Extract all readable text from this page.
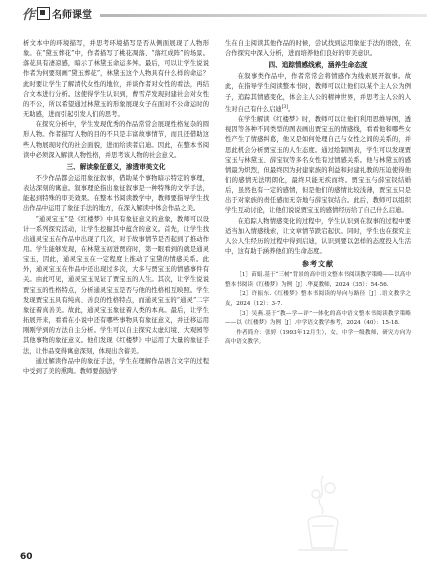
作 名师课堂

析文本中的环境描写，并思考环境描写是否从侧面展现了人物形象。在“黛玉葬花”中，作者描写了桃花凋落、“落红成阵”的场景。落花具有凄凉感，暗示了林黛玉命运多舛。最后，可以让学生说说作者为何要刻画“黛玉葬花”，林黛玉这个人物具有什么样的命运？此时要让学生了解清代女性的地位，并谈作者对女性的看法，再结合文本进行分析。这使得学生认识到，曹雪芹发现封建社会对女性的不公，所以希望通过林黛玉的形象展现女子在面对不公命运时的无助感，进而引起引发人们的思考。

在探究分析中，学生发现优秀的作品常常会展现性格复杂的圆形人物。作者描写人物的目的不只是丰富故事情节，而且还借助这些人物展现时代的社会面貌，进而给读者启迪。因此，在整本书阅读中必须深入解读人物性格，并思考该人物的社会意义。

三、解读象征意义，渗透审美文化

不少作品都会运用象征叙事，借助某个事物暗示特定的事理，表达深刻的寓意。叙事理论指出象征叙事是一种特殊的文学手法，能起到特殊的审美效果。在整本书阅读教学中，教师要指导学生找出作品中运用了象征手法的地方，在深入解读中体会作品之美。

“通灵宝玉”是《红楼梦》中具有象征意义的意象，教师可以设计一系列探究活动，让学生挖掘其中蕴含的意义。首先，让学生找出通灵宝玉在作品中出现了几次，对于故事情节是否起到了推动作用。学生能够发现，在林黛玉初进贾府时，第一眼看到的就是通灵宝玉，因此，通灵宝玉在一定程度上推动了宝黛的情感关系。此外，通灵宝玉在作品中还出现过多次，大多与贾宝玉的情感事件有关。由此可见，通灵宝玉见证了贾宝玉的人生。其次，让学生说说贾宝玉的性格特点，分析通灵宝玉是否与他的性格相互映照。学生发现贾宝玉具有纯真、善良的性格特点，而通灵宝玉的“通灵”二字象征着真善美。故此，通灵宝玉象征着人类的本真。最后，让学生拓展开来，看看在小说中还有哪些事物具有象征意义，并迁移运用刚刚学到的方法自主分析。学生可以自主探究太虚幻境、大观园等其他事物的象征意义。他们发现《红楼梦》中运用了大量的象征手法，让作品变得寓意深刻，体现出含蓄美。

通过解读作品中的象征手法，学生在理解作品语言文字的过程中受到了美的熏陶。教师要鼓励学

生在自主阅读其他作品的时候，尝试找到运用象征手法的语段，在合作探究中深入分析，进而培养他们良好的审美意识。

四、追踪情感线索，涵养生命态度

在叙事类作品中，作者常常会将情感作为线索展开叙事。故此，在指导学生阅读整本书时，教师可以让他们以某个主人公为例子，追踪其情感变化，体会主人公的精神世界，并思考主人公的人生对自己有什么启迪[3]。

在学生解读《红楼梦》时，教师可以让他们利用思维导图，透视因等各种不同类型的图表画出贾宝玉的情感线，看看他和哪些女性产生了情感纠葛，他又是如何处理自己与女性之间的关系的，并思此机会分析贾宝玉的人生态度。通过绘制图表，学生可以发现贾宝玉与林黛玉、薛宝钗等多名女性有过情感关系。他与林黛玉的感情最为炽烈，但最终因为封建家族的利益和封建礼教的压迫使得他们的感情无法明朗化，最终只能无疾而终。贾宝玉与薛宝钗结婚后，虽然也有一定的感情，但是他们的感情比较浅薄，贾宝玉只是出于对家族的责任感而无奈地与薛宝钗结合。此后，教师可以组织学生互动讨论，让他们说说贾宝玉的感情经历给了自己什么启迪。

在追踪人物情感变化的过程中，学生认识到在叙事的过程中要适当加入情感线索，让文章情节跌宕起伏。同时，学生也在探究主人公人生经历的过程中得到启迪，认识到要以怎样的态度投入生活中，这有助于涵养他们的生命态度。

参考文献

［1］苗娟.基于“三树”背景的高中语文整本书阅读教学策略——以高中整本书阅读《红楼梦》为例［J］.华夏教师，2024（35）：54-56.

［2］许振东.《红楼梦》整本书阅读的导向与路径［J］.语文教学之友，2024（12）：3-7.

［3］吴燕.基于“教—学—评”一体化的高中语文整本书阅读教学策略——以《红楼梦》为例［J］.中学语文教学参考，2024（40）：15-18.

作者简介：张婷（1993年12月生），女，中学一级教师，研究方向为高中语文教学。

60
